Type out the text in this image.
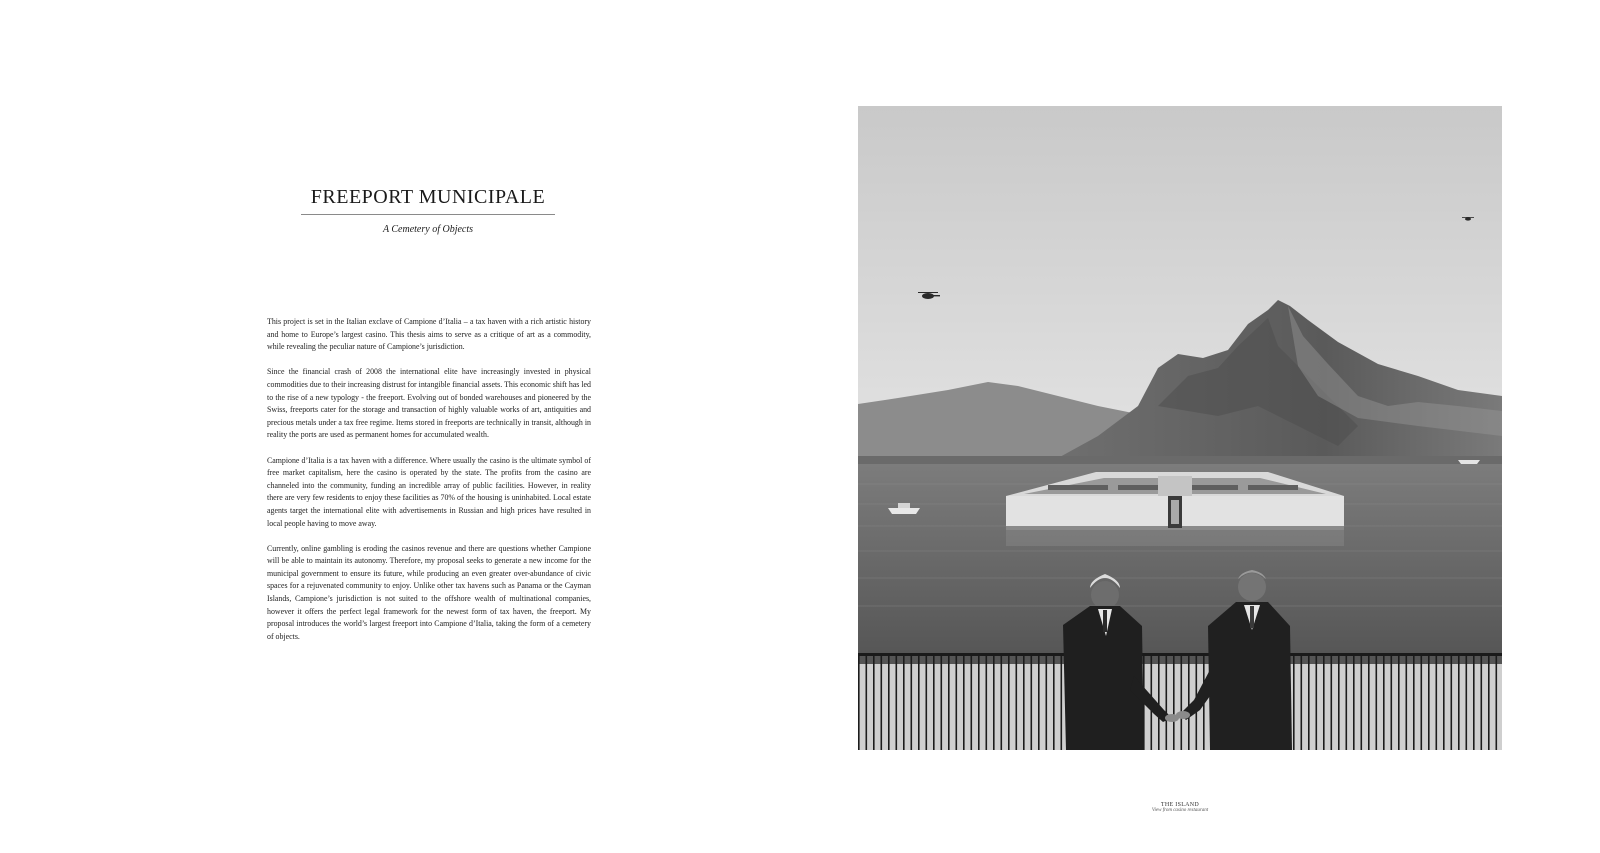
FREEPORT MUNICIPALE
A Cemetery of Objects

This project is set in the Italian exclave of Campione d’Italia – a tax haven with a rich artistic history and home to Europe’s largest casino. This thesis aims to serve as a critique of art as a commodity, while revealing the peculiar nature of Campione’s jurisdiction.

Since the financial crash of 2008 the international elite have increasingly invested in physical commodities due to their increasing distrust for intangible financial assets. This economic shift has led to the rise of a new typology - the freeport. Evolving out of bonded warehouses and pioneered by the Swiss, freeports cater for the storage and transaction of highly valuable works of art, antiquities and precious metals under a tax free regime. Items stored in freeports are technically in transit, although in reality the ports are used as permanent homes for accumulated wealth.

Campione d’Italia is a tax haven with a difference. Where usually the casino is the ultimate symbol of free market capitalism, here the casino is operated by the state. The profits from the casino are channeled into the community, funding an incredible array of public facilities. However, in reality there are very few residents to enjoy these facilities as 70% of the housing is uninhabited. Local estate agents target the international elite with advertisements in Russian and high prices have resulted in local people having to move away.

Currently, online gambling is eroding the casinos revenue and there are questions whether Campione will be able to maintain its autonomy. Therefore, my proposal seeks to generate a new income for the municipal government to ensure its future, while producing an even greater over-abundance of civic spaces for a rejuvenated community to enjoy. Unlike other tax havens such as Panama or the Cayman Islands, Campione’s jurisdiction is not suited to the offshore wealth of multinational companies, however it offers the perfect legal framework for the newest form of tax haven, the freeport. My proposal introduces the world’s largest freeport into Campione d’Italia, taking the form of a cemetery of objects.

THE ISLAND
View from casino restaurant
